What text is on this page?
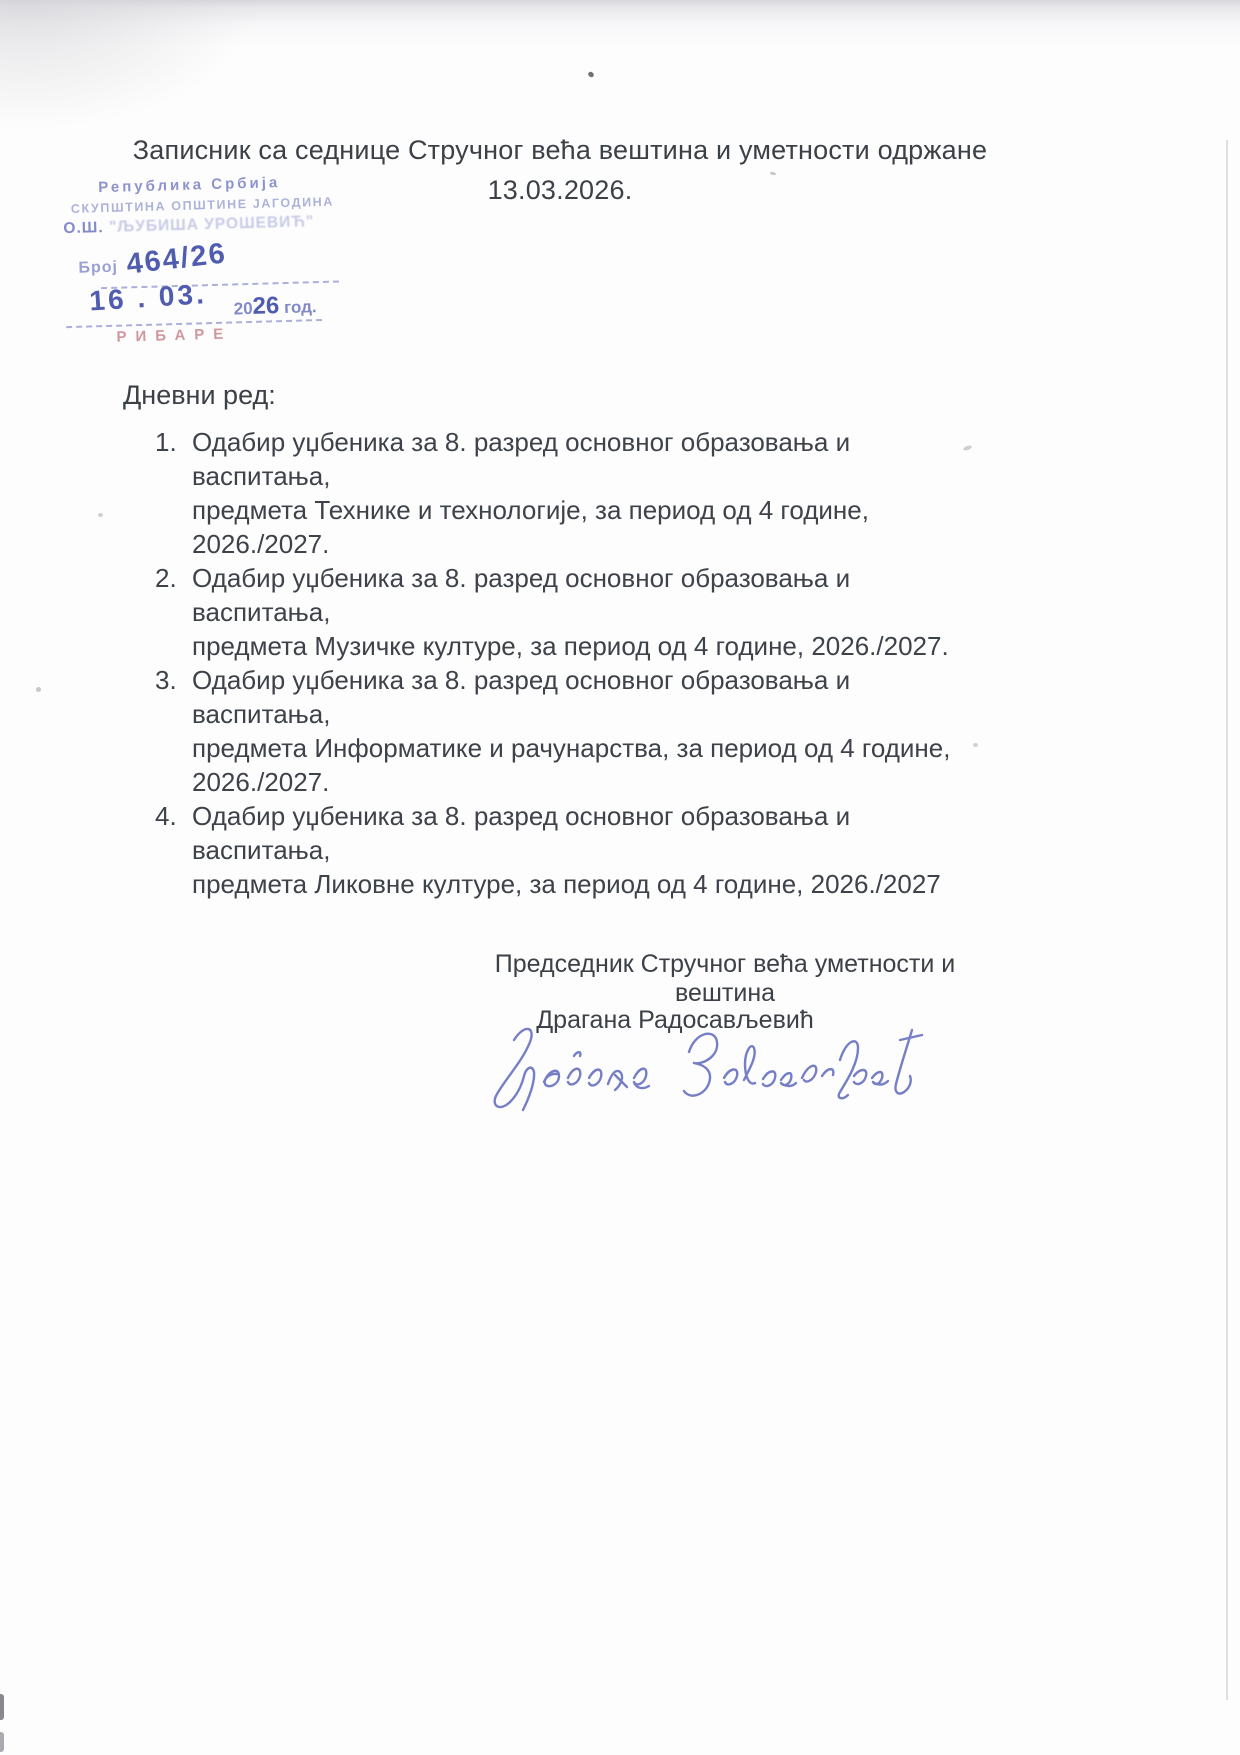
Записник са седнице Стручног већа вештина и уметности одржане
13.03.2026.
Република Србија
СКУПШТИНА ОПШТИНЕ ЈАГОДИНА
О.Ш. "ЉУБИША УРОШЕВИЋ"
Број 464/26
16 . 03. 2026 год.
РИБАРЕ
Дневни ред:
1. Одабир уџбеника за 8. разред основног образовања и васпитања,
предмета Технике и технологије, за период од 4 године, 2026./2027.
2. Одабир уџбеника за 8. разред основног образовања и васпитања,
предмета Музичке културе, за период од 4 године, 2026./2027.
3. Одабир уџбеника за 8. разред основног образовања и васпитања,
предмета Информатике и рачунарства, за период од 4 године,
2026./2027.
4. Одабир уџбеника за 8. разред основног образовања и васпитања,
предмета Ликовне културе, за период од 4 године, 2026./2027
Председник Стручног већа уметности и вештина
Драгана Радосављевић
